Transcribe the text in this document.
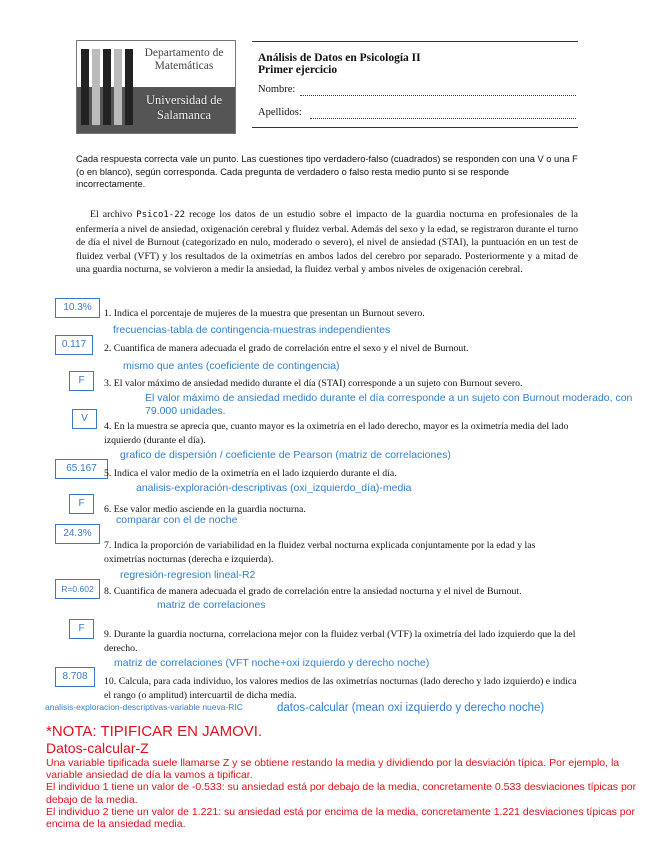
Departamento de
Matemáticas
Universidad de
Salamanca
Análisis de Datos en Psicología II
Primer ejercicio
Nombre:
Apellidos:
Cada respuesta correcta vale un punto. Las cuestiones tipo verdadero-falso (cuadrados) se responden con una V o una F (o en blanco), según corresponda. Cada pregunta de verdadero o falso resta medio punto si se responde incorrectamente.
El archivo Psico1-22 recoge los datos de un estudio sobre el impacto de la guardia nocturna en profesionales de la enfermería a nivel de ansiedad, oxigenación cerebral y fluidez verbal. Además del sexo y la edad, se registraron durante el turno de día el nivel de Burnout (categorizado en nulo, moderado o severo), el nivel de ansiedad (STAI), la puntuación en un test de fluidez verbal (VFT) y los resultados de la oximetrías en ambos lados del cerebro por separado. Posteriormente y a mitad de una guardia nocturna, se volvieron a medir la ansiedad, la fluidez verbal y ambos niveles de oxigenación cerebral.
10.3%
1. Indica el porcentaje de mujeres de la muestra que presentan un Burnout severo.
frecuencias-tabla de contingencia-muestras independientes
0.117	2. Cuantifica de manera adecuada el grado de correlación entre el sexo y el nivel de Burnout.
mismo que antes (coeficiente de contingencia)
F	3. El valor máximo de ansiedad medido durante el día (STAI) corresponde a un sujeto con Burnout severo.
El valor máximo de ansiedad medido durante el día corresponde a un sujeto con Burnout moderado, con 79.000 unidades.
V
4. En la muestra se aprecia que, cuanto mayor es la oximetría en el lado derecho, mayor es la oximetría media del lado izquierdo (durante el día).
grafico de dispersión / coeficiente de Pearson (matriz de correlaciones)
65.167 5. Indica el valor medio de la oximetría en el lado izquierdo durante el día.
analisis-exploración-descriptivas (oxi_izquierdo_día)-media
F
6. Ese valor medio asciende en la guardia nocturna.
comparar con el de noche
24.3%
7. Indica la proporción de variabilidad en la fluidez verbal nocturna explicada conjuntamente por la edad y las oximetrías nocturnas (derecha e izquierda).
regresión-regresion lineal-R2
R=0.602	8. Cuantifica de manera adecuada el grado de correlación entre la ansiedad nocturna y el nivel de Burnout.
matriz de correlaciones
F
9. Durante la guardia nocturna, correlaciona mejor con la fluidez verbal (VTF) la oximetría del lado izquierdo que la del derecho.
matriz de correlaciones (VFT noche+oxi izquierdo y derecho noche)
8.708	10. Calcula, para cada individuo, los valores medios de las oximetrías nocturnas (lado derecho y lado izquierdo) e indica el rango (o amplitud) intercuartil de dicha media.
analisis-exploracion-descriptivas-variable nueva-RIC	datos-calcular (mean oxi izquierdo y derecho noche)
*NOTA: TIPIFICAR EN JAMOVI.
Datos-calcular-Z
Una variable tipificada suele llamarse Z y se obtiene restando la media y dividiendo por la desviación típica. Por ejemplo, la variable ansiedad de día la vamos a tipificar.
El individuo 1 tiene un valor de -0.533: su ansiedad está por debajo de la media, concretamente 0.533 desviaciones típicas por debajo de la media.
El individuo 2 tiene un valor de 1.221: su ansiedad está por encima de la media, concretamente 1.221 desviaciones típicas por encima de la ansiedad media.
